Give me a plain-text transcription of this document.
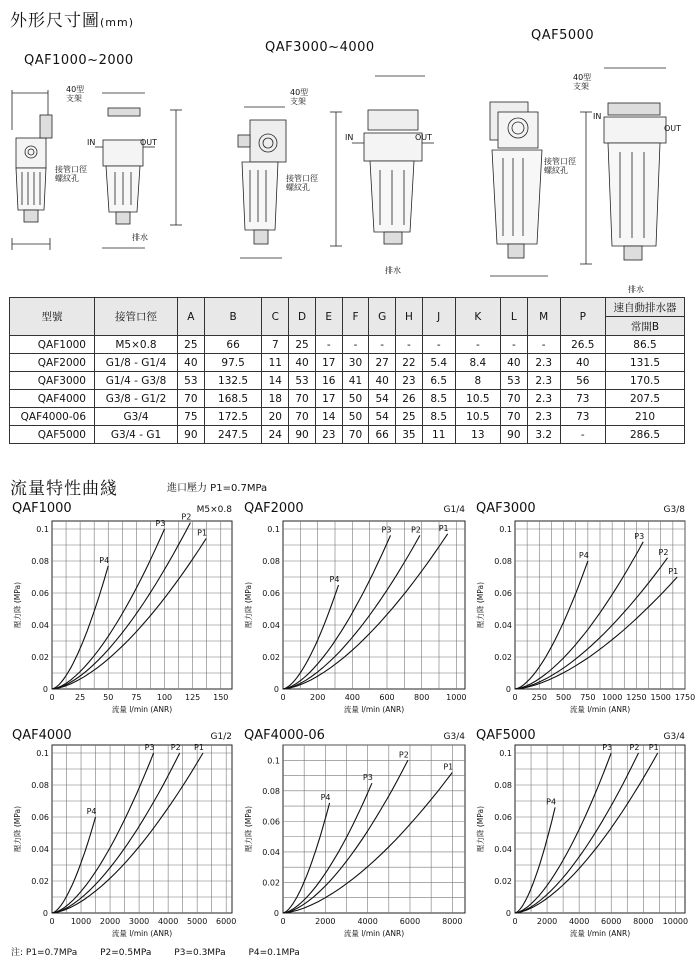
外形尺寸圖(mm)
QAF1000~2000
QAF3000~4000
QAF5000
40型
支架
40型
支架
40型
支架
接管口徑
螺紋孔	接管口徑
螺紋孔
接管口徑
螺紋孔
排水
排水
排水
IN	OUT
IN	OUT
IN
OUT
型號	接管口徑	A	B	C	D	E	F	G	H	J	K	L	M	P	速自動排水器
															常開B
QAF1000	M5×0.8	25	66	7	25	-	-	-	-	-	-	-	-	26.5	86.5
QAF2000	G1/8 - G1/4	40	97.5	11	40	17	30	27	22	5.4	8.4	40	2.3	40	131.5
QAF3000	G1/4 - G3/8	53	132.5	14	53	16	41	40	23	6.5	8	53	2.3	56	170.5
QAF4000	G3/8 - G1/2	70	168.5	18	70	17	50	54	26	8.5	10.5	70	2.3	73	207.5
QAF4000-06	G3/4	75	172.5	20	70	14	50	54	25	8.5	10.5	70	2.3	73	210
QAF5000	G3/4 - G1	90	247.5	24	90	23	70	66	35	11	13	90	3.2	-	286.5
流量特性曲綫	進口壓力 P1=0.7MPa
QAF1000	M5×0.8
0	25 50 75 100 125 150
0
0.02
0.04
0.06
0.08
0.1
流量 l/min (ANR)
壓力降 (MPa)
P4
P3
P2
P1
QAF2000	G1/4
0	200 400 600 800 1000
0
0.02
0.04
0.06
0.08
0.1
流量 l/min (ANR)
壓力降 (MPa)
P4
P3 P2 P1
QAF3000	G3/8
0 250 500 750 1000 1250 1500 1750
0
0.02
0.04
0.06
0.08
0.1
流量 l/min (ANR)
壓力降 (MPa)
P4
P3
P2
P1
QAF4000	G1/2
0 1000 2000 3000 4000 5000 6000
0
0.02
0.04
0.06
0.08
0.1
流量 l/min (ANR)
壓力降 (MPa)	P4
P3 P2 P1
QAF4000-06	G3/4
0	2000	4000	6000	8000
0
0.02
0.04
0.06
0.08
0.1
流量 l/min (ANR)
壓力降 (MPa)
P4
P3
P2
P1
QAF5000	G3/4
0 2000 4000 6000 8000 10000
0
0.02
0.04
0.06
0.08
0.1
流量 l/min (ANR)
壓力降 (MPa)
P4
P3 P2 P1
注: P1=0.7MPa        P2=0.5MPa        P3=0.3MPa        P4=0.1MPa
